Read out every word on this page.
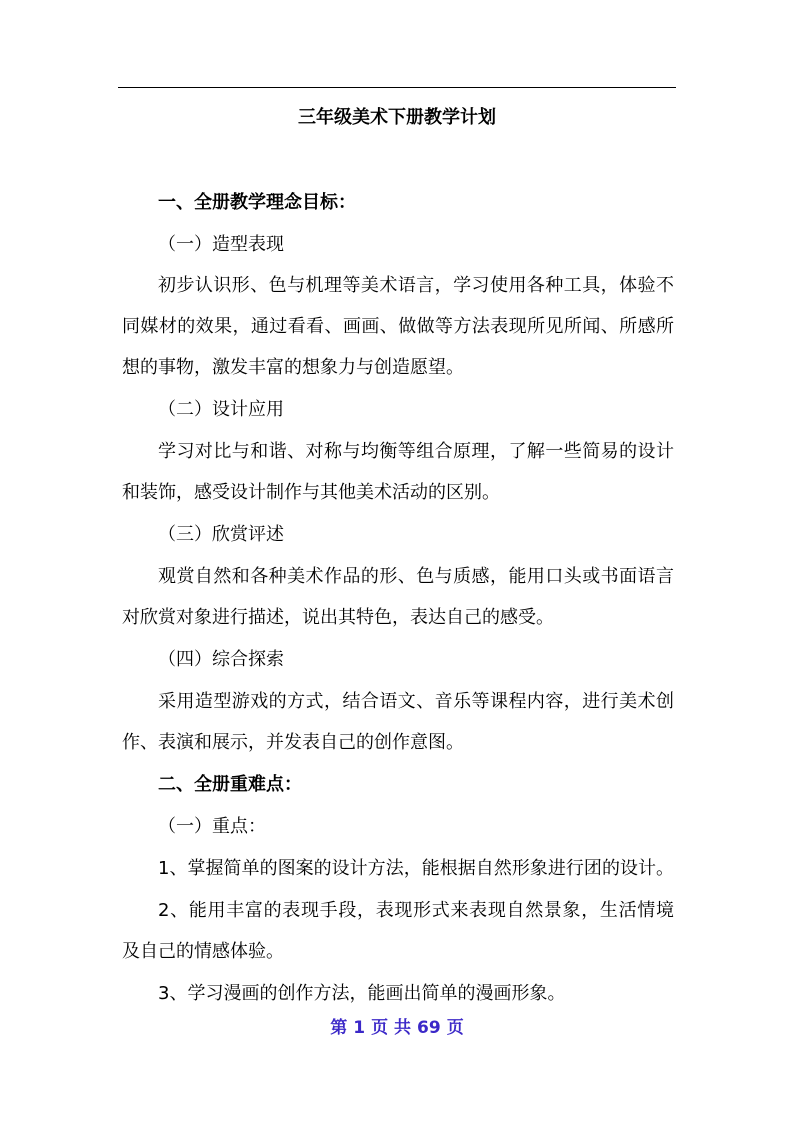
三年级美术下册教学计划
一、全册教学理念目标：
（一）造型表现
初步认识形、色与机理等美术语言，学习使用各种工具，体验不
同媒材的效果，通过看看、画画、做做等方法表现所见所闻、所感所
想的事物，激发丰富的想象力与创造愿望。
（二）设计应用
学习对比与和谐、对称与均衡等组合原理，了解一些简易的设计
和装饰，感受设计制作与其他美术活动的区别。
（三）欣赏评述
观赏自然和各种美术作品的形、色与质感，能用口头或书面语言
对欣赏对象进行描述，说出其特色，表达自己的感受。
（四）综合探索
采用造型游戏的方式，结合语文、音乐等课程内容，进行美术创
作、表演和展示，并发表自己的创作意图。
二、全册重难点：
（一）重点：
1、掌握简单的图案的设计方法，能根据自然形象进行团的设计。
2、能用丰富的表现手段，表现形式来表现自然景象，生活情境
及自己的情感体验。
3、学习漫画的创作方法，能画出简单的漫画形象。
第 1 页 共 69 页
